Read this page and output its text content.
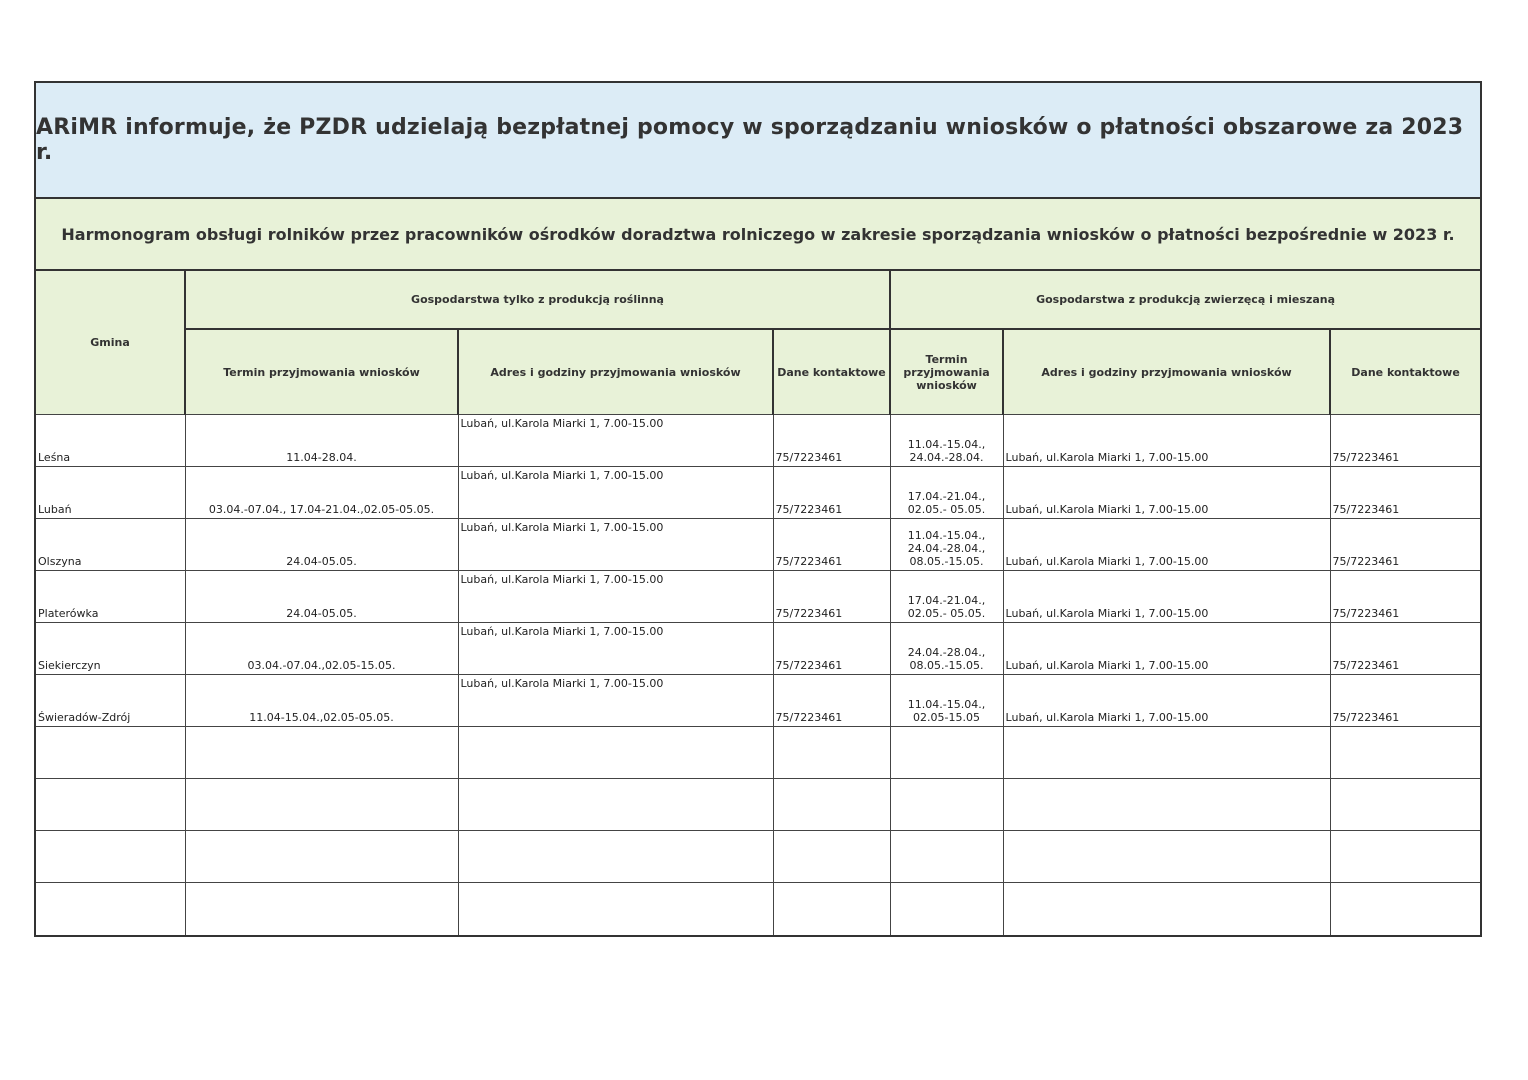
ARiMR informuje, że PZDR udzielają bezpłatnej pomocy w sporządzaniu wniosków o płatności obszarowe za 2023 r.
Harmonogram obsługi rolników przez pracowników ośrodków doradztwa rolniczego w zakresie sporządzania wniosków o płatności bezpośrednie w 2023 r.
Gmina	Gospodarstwa tylko z produkcją roślinną			Gospodarstwa z produkcją zwierzęcą i mieszaną		
	Termin przyjmowania wniosków	Adres i godziny przyjmowania wniosków	Dane kontaktowe	Termin przyjmowania wniosków	Adres i godziny przyjmowania wniosków	Dane kontaktowe
Leśna	11.04-28.04.	Lubań, ul.Karola Miarki 1, 7.00-15.00	75/7223461	11.04.-15.04., 24.04.-28.04.	Lubań, ul.Karola Miarki 1, 7.00-15.00	75/7223461
Lubań	03.04.-07.04., 17.04-21.04.,02.05-05.05.	Lubań, ul.Karola Miarki 1, 7.00-15.00	75/7223461	17.04.-21.04., 02.05.- 05.05.	Lubań, ul.Karola Miarki 1, 7.00-15.00	75/7223461
Olszyna	24.04-05.05.	Lubań, ul.Karola Miarki 1, 7.00-15.00	75/7223461	11.04.-15.04., 24.04.-28.04., 08.05.-15.05.	Lubań, ul.Karola Miarki 1, 7.00-15.00	75/7223461
Platerówka	24.04-05.05.	Lubań, ul.Karola Miarki 1, 7.00-15.00	75/7223461	17.04.-21.04., 02.05.- 05.05.	Lubań, ul.Karola Miarki 1, 7.00-15.00	75/7223461
Siekierczyn	03.04.-07.04.,02.05-15.05.	Lubań, ul.Karola Miarki 1, 7.00-15.00	75/7223461	24.04.-28.04., 08.05.-15.05.	Lubań, ul.Karola Miarki 1, 7.00-15.00	75/7223461
Świeradów-Zdrój	11.04-15.04.,02.05-05.05.	Lubań, ul.Karola Miarki 1, 7.00-15.00	75/7223461	11.04.-15.04., 02.05-15.05	Lubań, ul.Karola Miarki 1, 7.00-15.00	75/7223461
